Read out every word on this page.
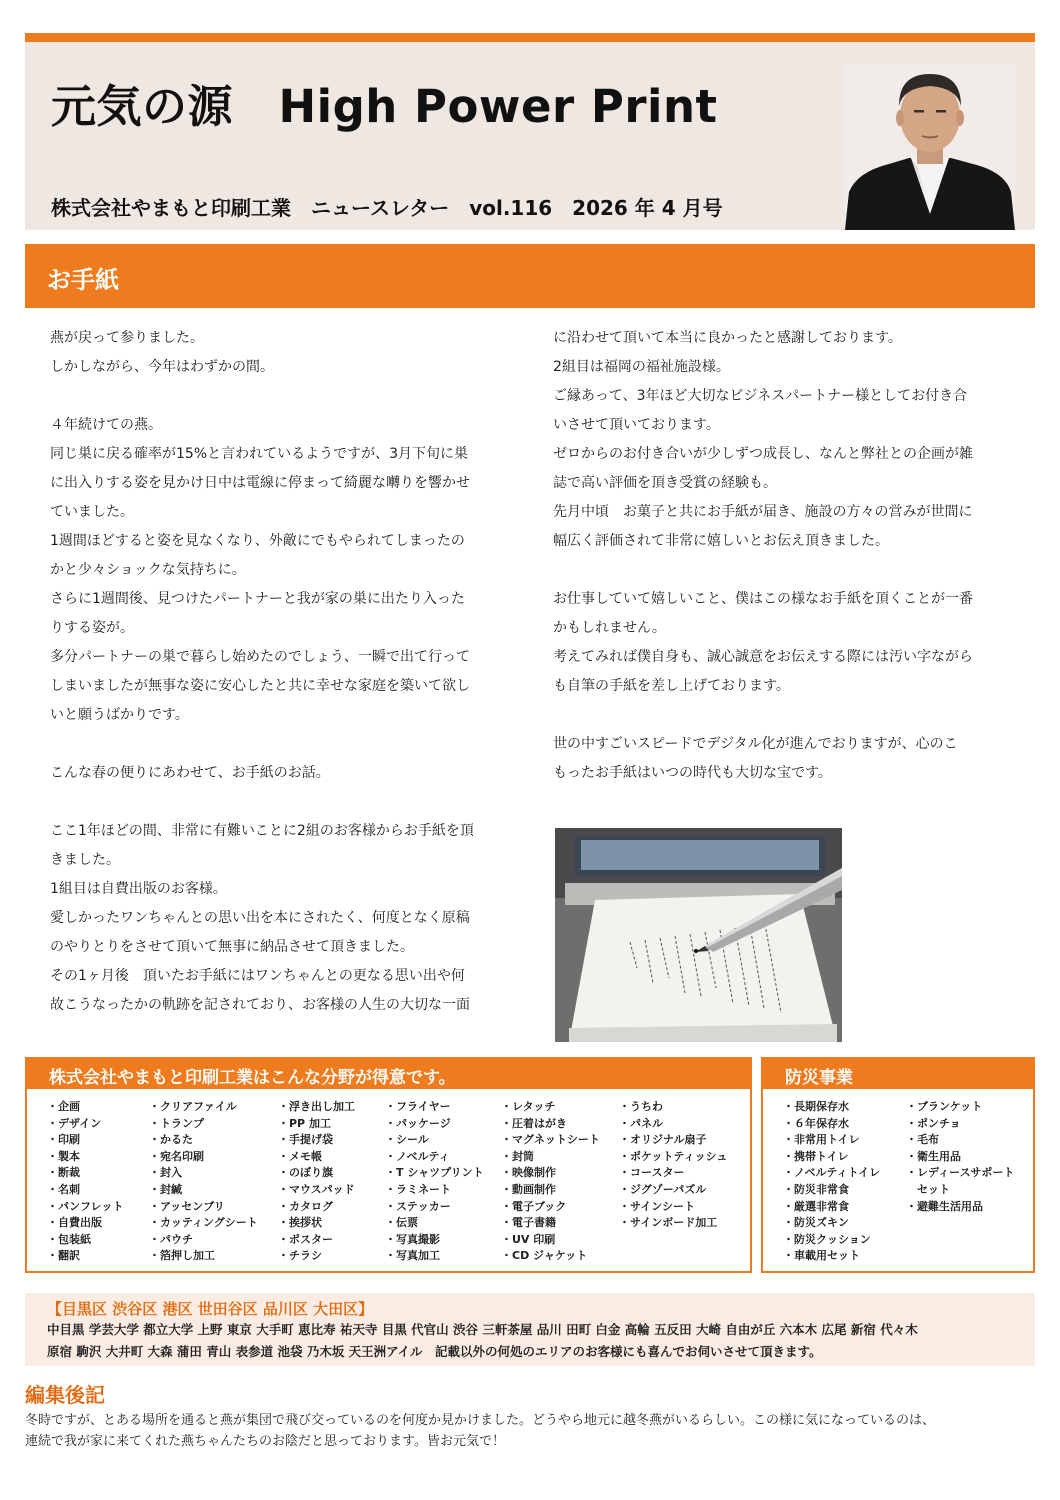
元気の源　High Power Print
株式会社やまもと印刷工業　ニュースレター　vol.116　2026 年 4 月号
お手紙

燕が戻って参りました。

しかしながら、今年はわずかの間。

４年続けての燕。

同じ巣に戻る確率が15%と言われているようですが、3月下旬に巣

に出入りする姿を見かけ日中は電線に停まって綺麗な囀りを響かせ

ていました。

1週間ほどすると姿を見なくなり、外敵にでもやられてしまったの

かと少々ショックな気持ちに。

さらに1週間後、見つけたパートナーと我が家の巣に出たり入った

りする姿が。

多分パートナーの巣で暮らし始めたのでしょう、一瞬で出て行って

しまいましたが無事な姿に安心したと共に幸せな家庭を築いて欲し

いと願うばかりです。

こんな春の便りにあわせて、お手紙のお話。

ここ1年ほどの間、非常に有難いことに2組のお客様からお手紙を頂

きました。

1組目は自費出版のお客様。

愛しかったワンちゃんとの思い出を本にされたく、何度となく原稿

のやりとりをさせて頂いて無事に納品させて頂きました。

その1ヶ月後　頂いたお手紙にはワンちゃんとの更なる思い出や何

故こうなったかの軌跡を記されており、お客様の人生の大切な一面

に沿わせて頂いて本当に良かったと感謝しております。

2組目は福岡の福祉施設様。

ご縁あって、3年ほど大切なビジネスパートナー様としてお付き合

いさせて頂いております。

ゼロからのお付き合いが少しずつ成長し、なんと弊社との企画が雑

誌で高い評価を頂き受賞の経験も。

先月中頃　お菓子と共にお手紙が届き、施設の方々の営みが世間に

幅広く評価されて非常に嬉しいとお伝え頂きました。

お仕事していて嬉しいこと、僕はこの様なお手紙を頂くことが一番

かもしれません。

考えてみれば僕自身も、誠心誠意をお伝えする際には汚い字ながら

も自筆の手紙を差し上げております。

世の中すごいスピードでデジタル化が進んでおりますが、心のこ

もったお手紙はいつの時代も大切な宝です。

株式会社やまもと印刷工業はこんな分野が得意です。
・企画
・デザイン
・印刷
・製本
・断裁
・名刺
・パンフレット
・自費出版
・包装紙
・翻訳
・クリアファイル
・トランプ
・かるた
・宛名印刷
・封入
・封緘
・アッセンブリ
・カッティングシート
・パウチ
・箔押し加工
・浮き出し加工
・PP 加工
・手提げ袋
・メモ帳
・のぼり旗
・マウスパッド
・カタログ
・挨拶状
・ポスター
・チラシ
・フライヤー
・パッケージ
・シール
・ノベルティ
・T シャツプリント
・ラミネート
・ステッカー
・伝票
・写真撮影
・写真加工
・レタッチ
・圧着はがき
・マグネットシート
・封筒
・映像制作
・動画制作
・電子ブック
・電子書籍
・UV 印刷
・CD ジャケット
・うちわ
・パネル
・オリジナル扇子
・ポケットティッシュ
・コースター
・ジグゾーパズル
・サインシート
・サインボード加工
防災事業
・長期保存水
・６年保存水
・非常用トイレ
・携帯トイレ
・ノベルティトイレ
・防災非常食
・厳選非常食
・防災ズキン
・防災クッション
・車載用セット
・ブランケット
・ポンチョ
・毛布
・衛生用品
・レディースサポート
　セット
・避難生活用品
【目黒区 渋谷区 港区 世田谷区 品川区 大田区】
中目黒 学芸大学 都立大学 上野 東京 大手町 恵比寿 祐天寺 目黒 代官山 渋谷 三軒茶屋 品川 田町 白金 高輪 五反田 大崎 自由が丘 六本木 広尾 新宿 代々木
原宿 駒沢 大井町 大森 蒲田 青山 表参道 池袋 乃木坂 天王洲アイル　記載以外の何処のエリアのお客様にも喜んでお伺いさせて頂きます。
編集後記
冬時ですが、とある場所を通ると燕が集団で飛び交っているのを何度か見かけました。どうやら地元に越冬燕がいるらしい。この様に気になっているのは、
連続で我が家に来てくれた燕ちゃんたちのお陰だと思っております。皆お元気で！
